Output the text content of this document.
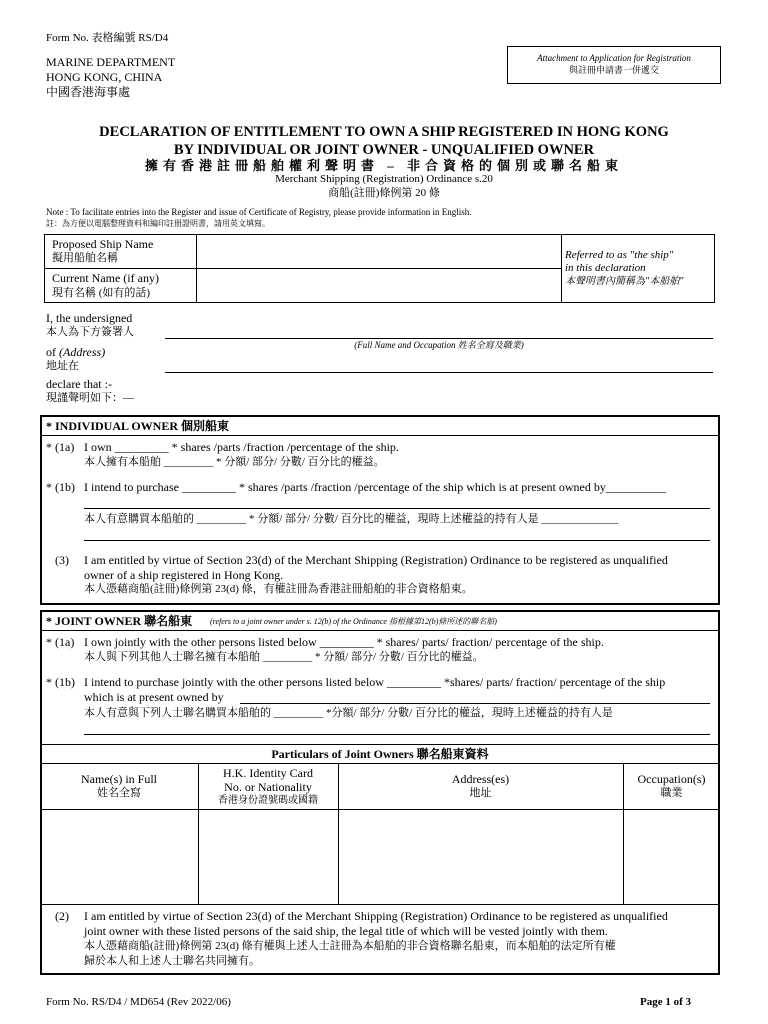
Form No. 表格編號 RS/D4
MARINE DEPARTMENT
HONG KONG, CHINA
中國香港海事處
Attachment to Application for Registration
與註冊申請書一併遞交
DECLARATION OF ENTITLEMENT TO OWN A SHIP REGISTERED IN HONG KONG
BY INDIVIDUAL OR JOINT OWNER - UNQUALIFIED OWNER
擁有香港註冊船舶權利聲明書 – 非合資格的個別或聯名船東
Merchant Shipping (Registration) Ordinance s.20
商船(註冊)條例第 20 條
Note : To facilitate entries into the Register and issue of Certificate of Registry, please provide information in English.
註：為方便以電腦整理資料和編印註冊證明書，請用英文填寫。
Proposed Ship Name
擬用船舶名稱
Current Name (if any)
現有名稱 (如有的話)
Referred to as "the ship"
in this declaration
本聲明書內簡稱為"本船舶"
I, the undersigned
本人為下方簽署人
(Full Name and Occupation 姓名全寫及職業)
of (Address)
地址在
declare that :-
現謹聲明如下：—
* INDIVIDUAL OWNER 個別船東
* (1a) I own _________ * shares /parts /fraction /percentage of the ship.
本人擁有本船舶 _________ * 分額/ 部分/ 分數/ 百分比的權益。
* (1b) I intend to purchase _________ * shares /parts /fraction /percentage of the ship which is at present owned by__________
本人有意購買本船舶的 _________ * 分額/ 部分/ 分數/ 百分比的權益，現時上述權益的持有人是 ______________
(3) I am entitled by virtue of Section 23(d) of the Merchant Shipping (Registration) Ordinance to be registered as unqualified
owner of a ship registered in Hong Kong.
本人憑藉商船(註冊)條例第 23(d) 條，有權註冊為香港註冊船舶的非合資格船東。
* JOINT OWNER 聯名船東 (refers to a joint owner under s. 12(b) of the Ordinance 指根據第12(b)條所述的聯名船)
* (1a) I own jointly with the other persons listed below _________ * shares/ parts/ fraction/ percentage of the ship.
本人與下列其他人士聯名擁有本船舶 _________ * 分額/ 部分/ 分數/ 百分比的權益。
* (1b) I intend to purchase jointly with the other persons listed below _________ *shares/ parts/ fraction/ percentage of the ship
which is at present owned by
本人有意與下列人士聯名購買本船舶的 _________ *分額/ 部分/ 分數/ 百分比的權益，現時上述權益的持有人是
Particulars of Joint Owners 聯名船東資料
Name(s) in Full
姓名全寫
H.K. Identity Card
No. or Nationality
香港身份證號碼或國籍
Address(es)
地址
Occupation(s)
職業
(2) I am entitled by virtue of Section 23(d) of the Merchant Shipping (Registration) Ordinance to be registered as unqualified
joint owner with these listed persons of the said ship, the legal title of which will be vested jointly with them.
本人憑藉商船(註冊)條例第 23(d) 條有權與上述人士註冊為本船舶的非合資格聯名船東，而本船舶的法定所有權
歸於本人和上述人士聯名共同擁有。
Form No. RS/D4 / MD654 (Rev 2022/06)	Page 1 of 3
